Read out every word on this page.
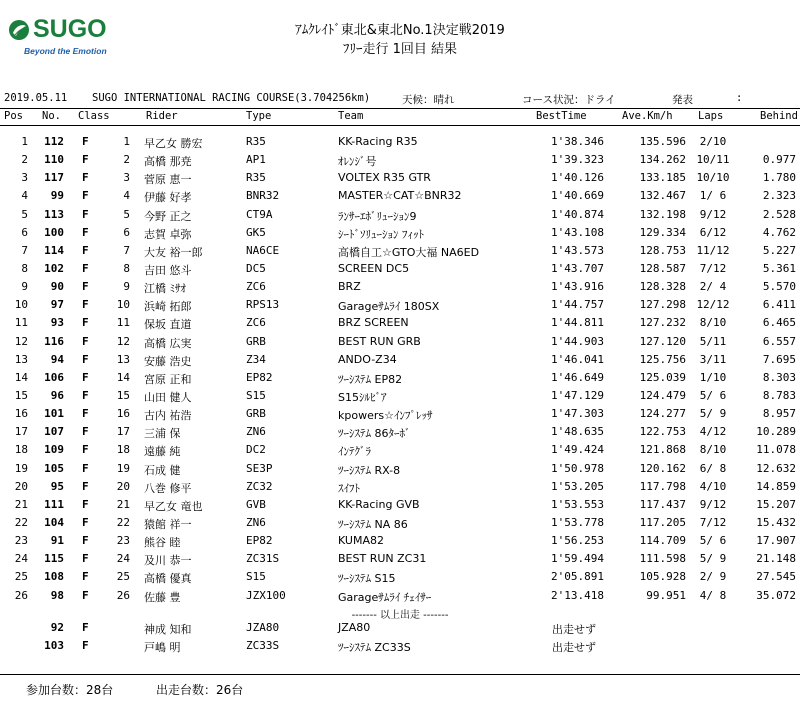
SUGO
Beyond the Emotion
ｱﾑｸﾚｲﾄﾞ東北&東北No.1決定戦2019
ﾌﾘｰ走行 1回目 結果
2019.05.11 SUGO INTERNATIONAL RACING COURSE(3.704256km)	天候：晴れ	コース状況：ドライ	発表	:
Pos No. Class	Rider	Type	Team	BestTime	Ave.Km/h Laps	Behind
1	112 F	1 早乙女 勝宏	R35	KK-Racing R35	1'38.346	135.596	2/10
2	110 F	2 高橋 那尭	AP1	ｵﾚﾝｼﾞ号	1'39.323	134.262 10/11	0.977
3	117 F	3 菅原 恵一	R35	VOLTEX R35 GTR	1'40.126	133.185 10/10	1.780
4	99 F	4 伊藤 好孝	BNR32	MASTER☆CAT☆BNR32	1'40.669	132.467	1/ 6	2.323
5	113 F	5 今野 正之	CT9A	ﾗﾝｻｰｴﾎﾞﾘｭｰｼｮﾝ9	1'40.874	132.198	9/12	2.528
6	100 F	6 志賀 卓弥	GK5	ｼｰﾄﾞｿﾘｭｰｼｮﾝ ﾌｨｯﾄ	1'43.108	129.334	6/12	4.762
7	114 F	7 大友 裕一郎	NA6CE	高橋自工☆GTO大福 NA6ED	1'43.573	128.753 11/12	5.227
8	102 F	8 吉田 悠斗	DC5	SCREEN DC5	1'43.707	128.587	7/12	5.361
9	90 F	9 江橋 ﾐｻｵ	ZC6	BRZ	1'43.916	128.328	2/ 4	5.570
10	97 F	10 浜崎 拓郎	RPS13	Garageｻﾑﾗｲ 180SX	1'44.757	127.298 12/12	6.411
11	93 F	11 保坂 直道	ZC6	BRZ SCREEN	1'44.811	127.232	8/10	6.465
12	116 F	12 高橋 広実	GRB	BEST RUN GRB	1'44.903	127.120	5/11	6.557
13	94 F	13 安藤 浩史	Z34	ANDO-Z34	1'46.041	125.756	3/11	7.695
14	106 F	14 宮原 正和	EP82	ﾂｰｼｽﾃﾑ EP82	1'46.649	125.039	1/10	8.303
15	96 F	15 山田 健人	S15	S15ｼﾙﾋﾞｱ	1'47.129	124.479	5/ 6	8.783
16	101 F	16 古内 祐浩	GRB	kpowers☆ｲﾝﾌﾟﾚｯｻ	1'47.303	124.277	5/ 9	8.957
17	107 F	17 三浦 保	ZN6	ﾂｰｼｽﾃﾑ 86ﾀｰﾎﾞ	1'48.635	122.753	4/12	10.289
18	109 F	18 遠藤 純	DC2	ｲﾝﾃｸﾞﾗ	1'49.424	121.868	8/10	11.078
19	105 F	19 石成 健	SE3P	ﾂｰｼｽﾃﾑ RX-8	1'50.978	120.162	6/ 8	12.632
20	95 F	20 八巻 修平	ZC32	ｽｲﾌﾄ	1'53.205	117.798	4/10	14.859
21	111 F	21 早乙女 竜也	GVB	KK-Racing GVB	1'53.553	117.437	9/12	15.207
22	104 F	22 猿館 祥一	ZN6	ﾂｰｼｽﾃﾑ NA 86	1'53.778	117.205	7/12	15.432
23	91 F	23 熊谷 睦	EP82	KUMA82	1'56.253	114.709	5/ 6	17.907
24	115 F	24 及川 恭一	ZC31S	BEST RUN ZC31	1'59.494	111.598	5/ 9	21.148
25	108 F	25 高橋 優真	S15	ﾂｰｼｽﾃﾑ S15	2'05.891	105.928	2/ 9	27.545
26	98 F	26 佐藤 豊	JZX100	Garageｻﾑﾗｲ ﾁｪｲｻｰ	2'13.418	99.951	4/ 8	35.072
------- 以上出走 -------
92 F	神成 知和	JZA80	JZA80	出走せず
103 F	戸嶋 明	ZC33S	ﾂｰｼｽﾃﾑ ZC33S	出走せず
参加台数：28台	出走台数：26台
